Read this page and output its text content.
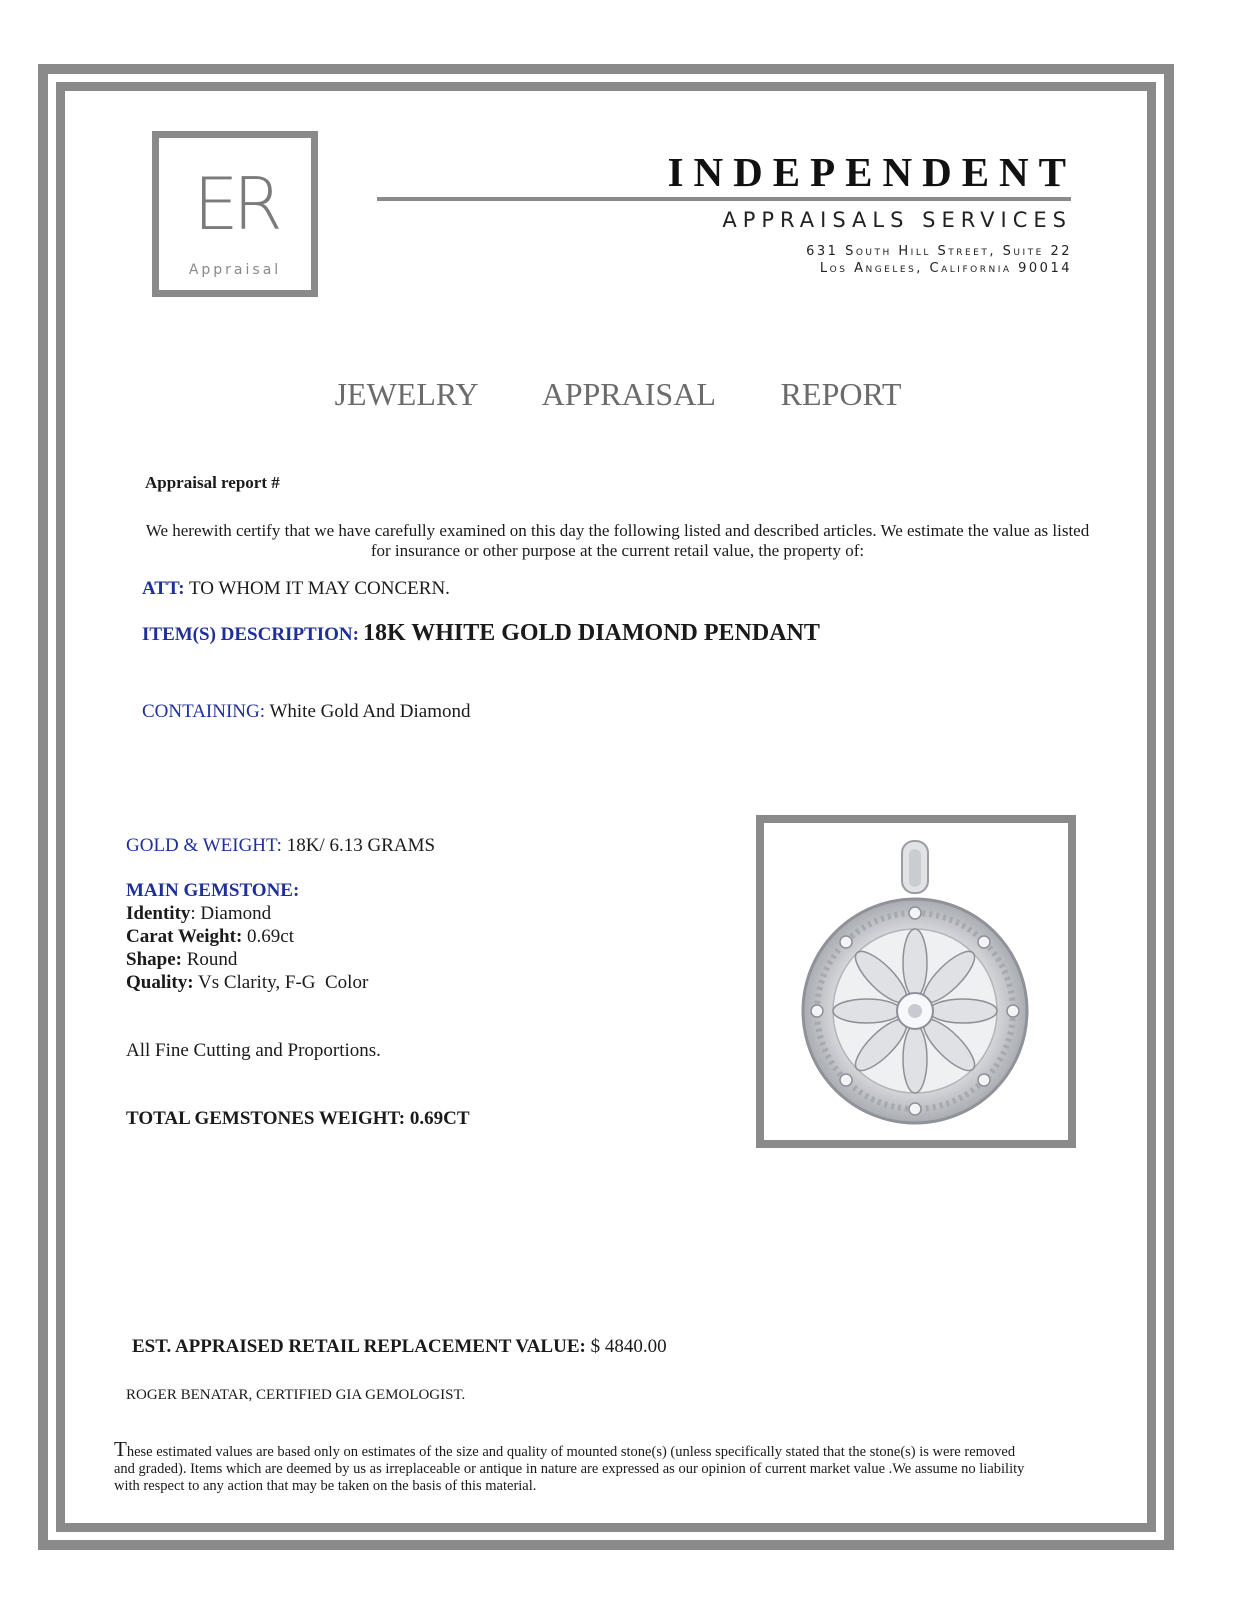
ER
Appraisal
INDEPENDENT
APPRAISALS SERVICES
631 South Hill Street, Suite 22
Los Angeles, California 90014
JEWELRY   APPRAISAL   REPORT
Appraisal report #
We herewith certify that we have carefully examined on this day the following listed and described articles. We estimate the value as listed for insurance or other purpose at the current retail value, the property of:
ATT: TO WHOM IT MAY CONCERN.
ITEM(S) DESCRIPTION: 18K WHITE GOLD DIAMOND PENDANT
CONTAINING: White Gold And Diamond
GOLD & WEIGHT: 18K/ 6.13 GRAMS
MAIN GEMSTONE:
Identity: Diamond
Carat Weight: 0.69ct
Shape: Round
Quality: Vs Clarity, F-G  Color
All Fine Cutting and Proportions.
TOTAL GEMSTONES WEIGHT: 0.69CT
EST. APPRAISED RETAIL REPLACEMENT VALUE: $ 4840.00
ROGER BENATAR, CERTIFIED GIA GEMOLOGIST.
These estimated values are based only on estimates of the size and quality of mounted stone(s) (unless specifically stated that the stone(s) is were removed and graded). Items which are deemed by us as irreplaceable or antique in nature are expressed as our opinion of current market value .We assume no liability with respect to any action that may be taken on the basis of this material.
